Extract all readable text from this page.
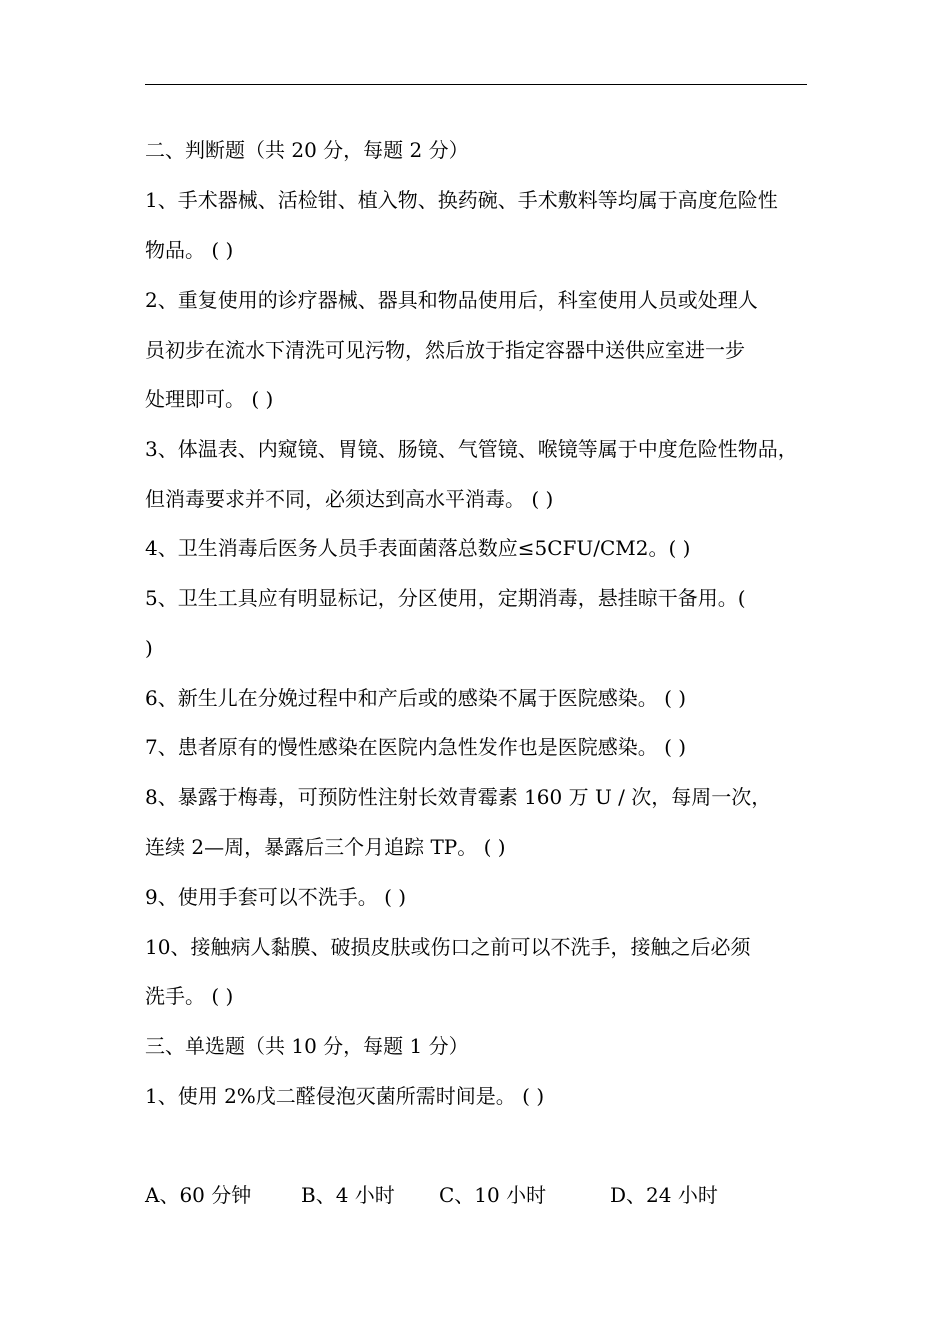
二、判断题（共 20 分，每题 2 分）
1、手术器械、活检钳、植入物、换药碗、手术敷料等均属于高度危险性
物品。 ( )
2、重复使用的诊疗器械、器具和物品使用后，科室使用人员或处理人
员初步在流水下清洗可见污物，然后放于指定容器中送供应室进一步
处理即可。 ( )
3、体温表、内窥镜、胃镜、肠镜、气管镜、喉镜等属于中度危险性物品，
但消毒要求并不同，必须达到高水平消毒。 ( )
4、卫生消毒后医务人员手表面菌落总数应≤5CFU/CM2。( )
5、卫生工具应有明显标记，分区使用，定期消毒，悬挂晾干备用。(
)
6、新生儿在分娩过程中和产后或的感染不属于医院感染。 ( )
7、患者原有的慢性感染在医院内急性发作也是医院感染。 ( )
8、暴露于梅毒，可预防性注射长效青霉素 160 万 U / 次，每周一次，
连续 2—周，暴露后三个月追踪 TP。 ( )
9、使用手套可以不洗手。 ( )
10、接触病人黏膜、破损皮肤或伤口之前可以不洗手，接触之后必须
洗手。 ( )
三、单选题（共 10 分，每题 1 分）
1、使用 2%戊二醛侵泡灭菌所需时间是。 ( )
A、60 分钟 B、4 小时 C、10 小时	D、24 小时
